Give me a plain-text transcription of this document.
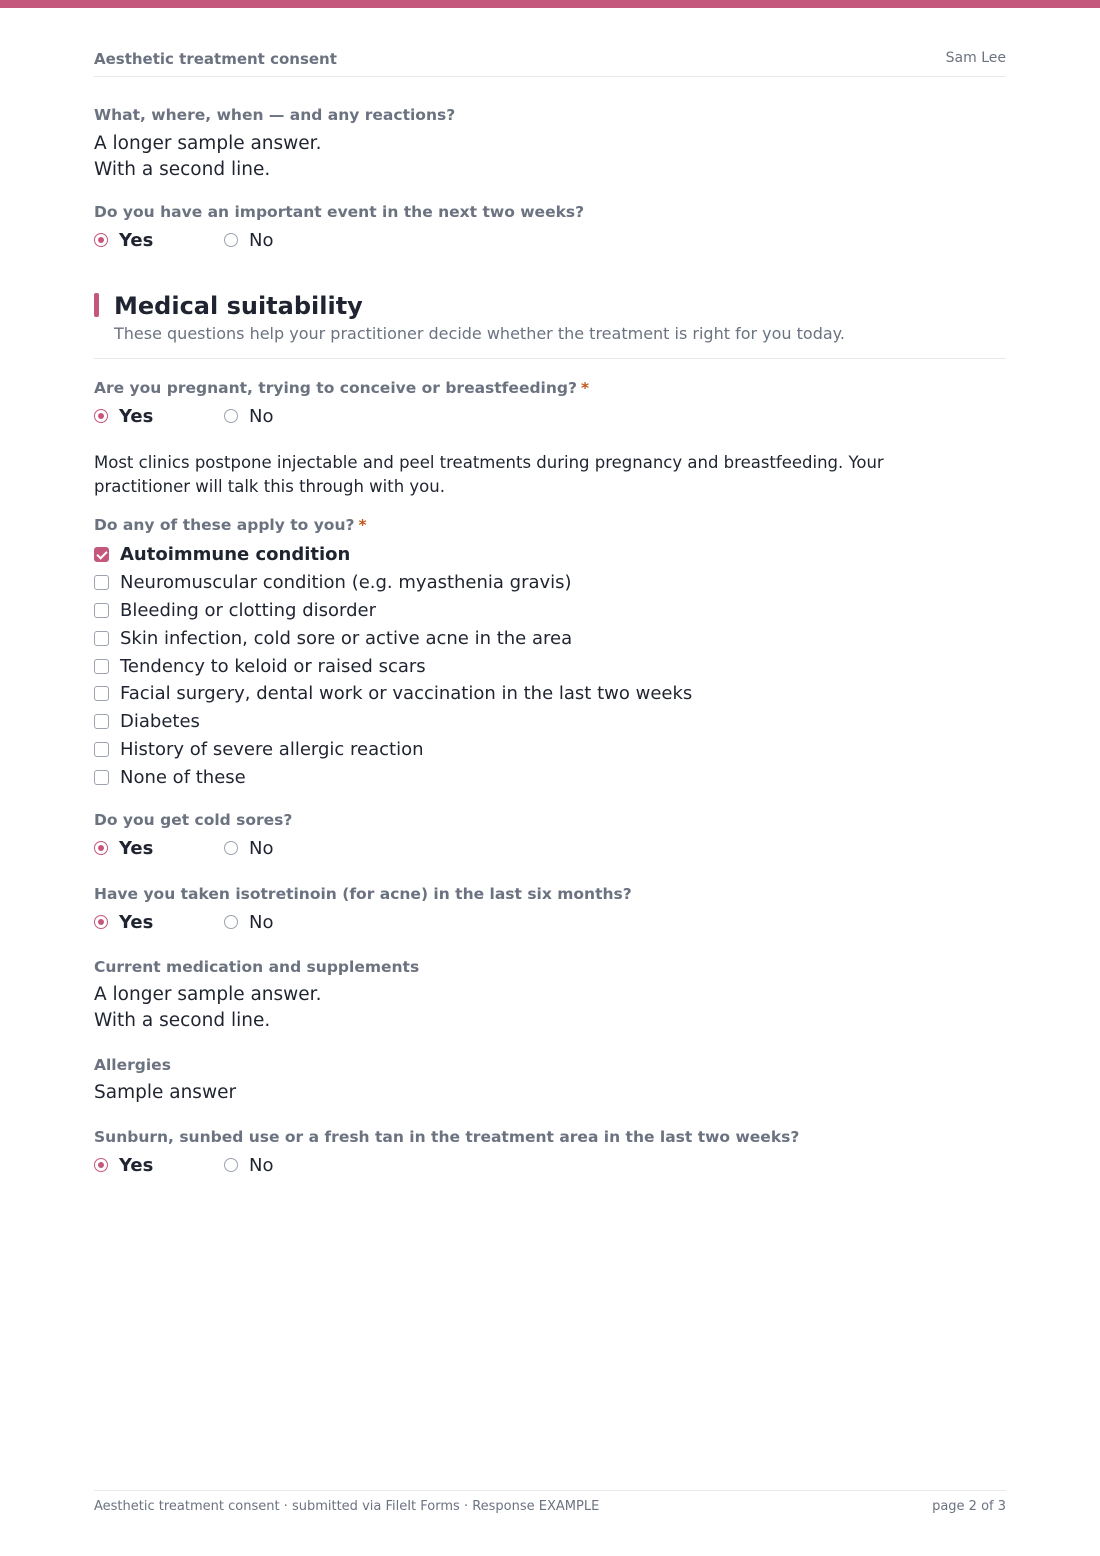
Aesthetic treatment consent	Sam Lee
What, where, when — and any reactions?
A longer sample answer.
With a second line.
Do you have an important event in the next two weeks?
Yes	No
Medical suitability
These questions help your practitioner decide whether the treatment is right for you today.
Are you pregnant, trying to conceive or breastfeeding? *
Yes	No
Most clinics postpone injectable and peel treatments during pregnancy and breastfeeding. Your practitioner will talk this through with you.
Do any of these apply to you? *
Autoimmune condition
Neuromuscular condition (e.g. myasthenia gravis)
Bleeding or clotting disorder
Skin infection, cold sore or active acne in the area
Tendency to keloid or raised scars
Facial surgery, dental work or vaccination in the last two weeks
Diabetes
History of severe allergic reaction
None of these
Do you get cold sores?
Yes	No
Have you taken isotretinoin (for acne) in the last six months?
Yes	No
Current medication and supplements
A longer sample answer.
With a second line.
Allergies
Sample answer
Sunburn, sunbed use or a fresh tan in the treatment area in the last two weeks?
Yes	No
Aesthetic treatment consent · submitted via FileIt Forms · Response EXAMPLE	page 2 of 3
